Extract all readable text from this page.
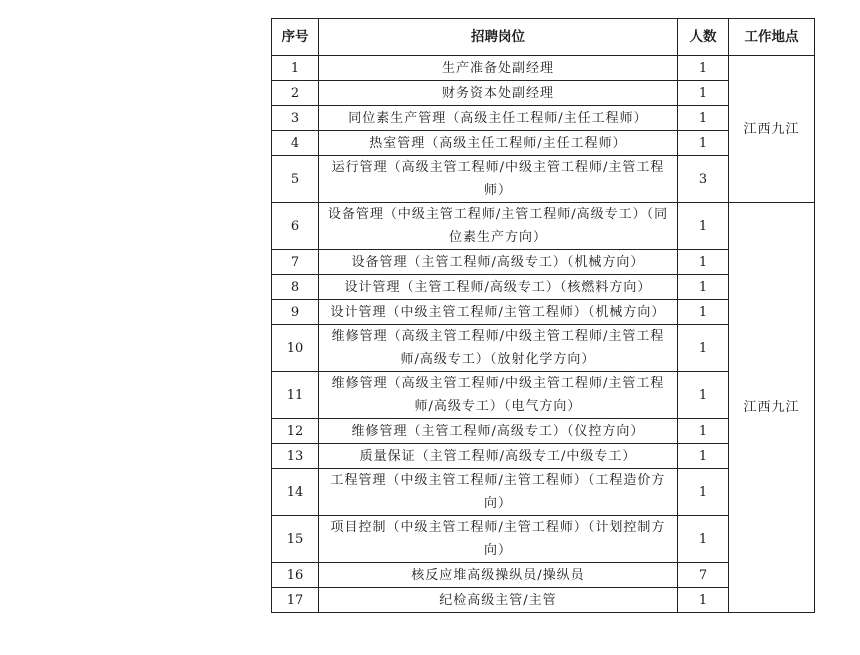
序号	招聘岗位	人数	工作地点
1	生产准备处副经理	1	江西九江
2	财务资本处副经理	1	
3	同位素生产管理（高级主任工程师/主任工程师）	1	
4	热室管理（高级主任工程师/主任工程师）	1	
5	运行管理（高级主管工程师/中级主管工程师/主管工程师）	3	
6	设备管理（中级主管工程师/主管工程师/高级专工）（同位素生产方向）	1	江西九江
7	设备管理（主管工程师/高级专工）（机械方向）	1	
8	设计管理（主管工程师/高级专工）（核燃料方向）	1	
9	设计管理（中级主管工程师/主管工程师）（机械方向）	1	
10	维修管理（高级主管工程师/中级主管工程师/主管工程师/高级专工）（放射化学方向）	1	
11	维修管理（高级主管工程师/中级主管工程师/主管工程师/高级专工）（电气方向）	1	
12	维修管理（主管工程师/高级专工）（仪控方向）	1	
13	质量保证（主管工程师/高级专工/中级专工）	1	
14	工程管理（中级主管工程师/主管工程师）（工程造价方向）	1	
15	项目控制（中级主管工程师/主管工程师）（计划控制方向）	1	
16	核反应堆高级操纵员/操纵员	7	
17	纪检高级主管/主管	1	
